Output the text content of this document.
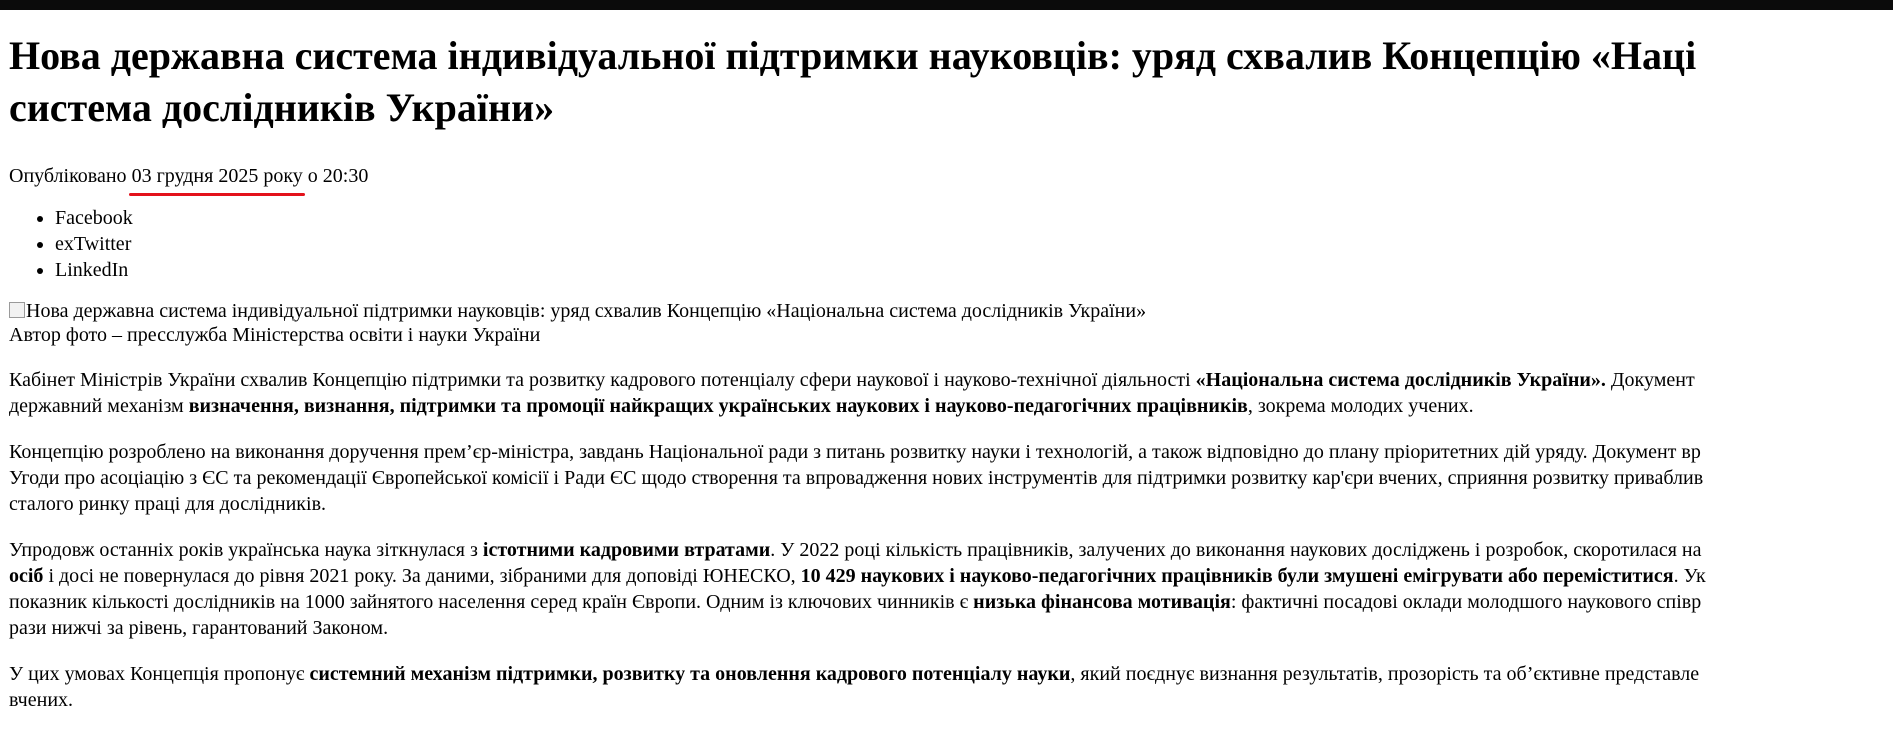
Нова державна система індивідуальної підтримки науковців: уряд схвалив Концепцію «Наці
система дослідників України»
Опубліковано 03 грудня 2025 року о 20:30
• Facebook
• exTwitter
• LinkedIn
Нова державна система індивідуальної підтримки науковців: уряд схвалив Концепцію «Національна система дослідників України»
Автор фото – пресслужба Міністерства освіти і науки України
Кабінет Міністрів України схвалив Концепцію підтримки та розвитку кадрового потенціалу сфери наукової і науково-технічної діяльності «Національна система дослідників України». Документ
державний механізм визначення, визнання, підтримки та промоції найкращих українських наукових і науково-педагогічних працівників, зокрема молодих учених.
Концепцію розроблено на виконання доручення прем’єр-міністра, завдань Національної ради з питань розвитку науки і технологій, а також відповідно до плану пріоритетних дій уряду. Документ вр
Угоди про асоціацію з ЄС та рекомендації Європейської комісії і Ради ЄС щодо створення та впровадження нових інструментів для підтримки розвитку кар'єри вчених, сприяння розвитку приваблив
сталого ринку праці для дослідників.
Упродовж останніх років українська наука зіткнулася з істотними кадровими втратами. У 2022 році кількість працівників, залучених до виконання наукових досліджень і розробок, скоротилася на
осіб і досі не повернулася до рівня 2021 року. За даними, зібраними для доповіді ЮНЕСКО, 10 429 наукових і науково-педагогічних працівників були змушені емігрувати або переміститися. Ук
показник кількості дослідників на 1000 зайнятого населення серед країн Європи. Одним із ключових чинників є низька фінансова мотивація: фактичні посадові оклади молодшого наукового співр
рази нижчі за рівень, гарантований Законом.
У цих умовах Концепція пропонує системний механізм підтримки, розвитку та оновлення кадрового потенціалу науки, який поєднує визнання результатів, прозорість та об’єктивне представле
вчених.
